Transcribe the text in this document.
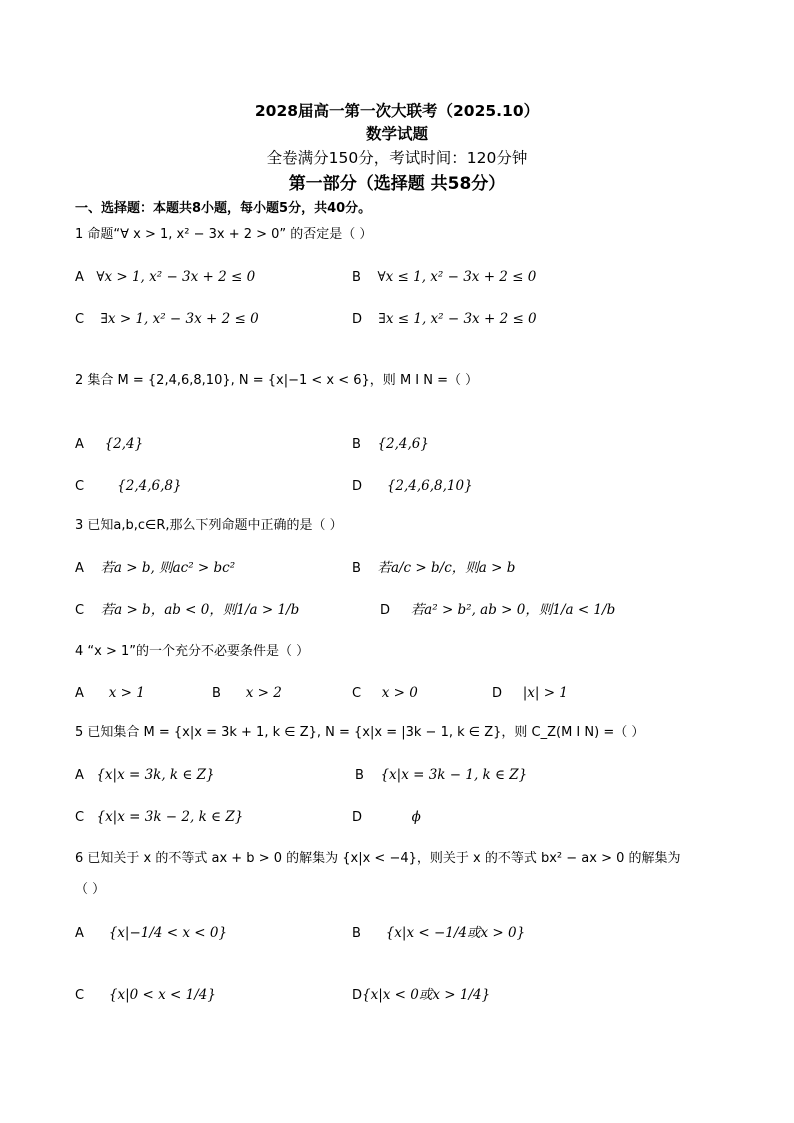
2028届高一第一次大联考（2025.10）
数学试题
全卷满分150分，考试时间：120分钟
第一部分（选择题 共58分）
一、选择题：本题共8小题，每小题5分，共40分。
1 命题“∀ x > 1, x² − 3x + 2 > 0” 的否定是（ ）
A ∀x > 1, x² − 3x + 2 ≤ 0	B ∀x ≤ 1, x² − 3x + 2 ≤ 0
C ∃x > 1, x² − 3x + 2 ≤ 0	D ∃x ≤ 1, x² − 3x + 2 ≤ 0
2 集合 M = {2,4,6,8,10}, N = {x|−1 < x < 6}，则 M I N =（ ）
A {2,4}	B {2,4,6}
C {2,4,6,8}	D {2,4,6,8,10}
3 已知a,b,c∈R,那么下列命题中正确的是（ ）
A 若a > b, 则ac² > bc²	B 若a/c > b/c，则a > b
C 若a > b，ab < 0，则1/a > 1/b	D 若a² > b², ab > 0，则1/a < 1/b
4 “x > 1”的一个充分不必要条件是（ ）
A x > 1	B x > 2	C x > 0	D |x| > 1
5 已知集合 M = {x|x = 3k + 1, k ∈ Z}, N = {x|x = |3k − 1, k ∈ Z}，则 C_Z(M I N) =（ ）
A {x|x = 3k, k ∈ Z}	B {x|x = 3k − 1, k ∈ Z}
C {x|x = 3k − 2, k ∈ Z}	D	ϕ
6 已知关于 x 的不等式 ax + b > 0 的解集为 {x|x < −4}，则关于 x 的不等式 bx² − ax > 0 的解集为
（ ）
A {x|−1/4 < x < 0}	B {x|x < −1/4或x > 0}
C {x|0 < x < 1/4}	D{x|x < 0或x > 1/4}
